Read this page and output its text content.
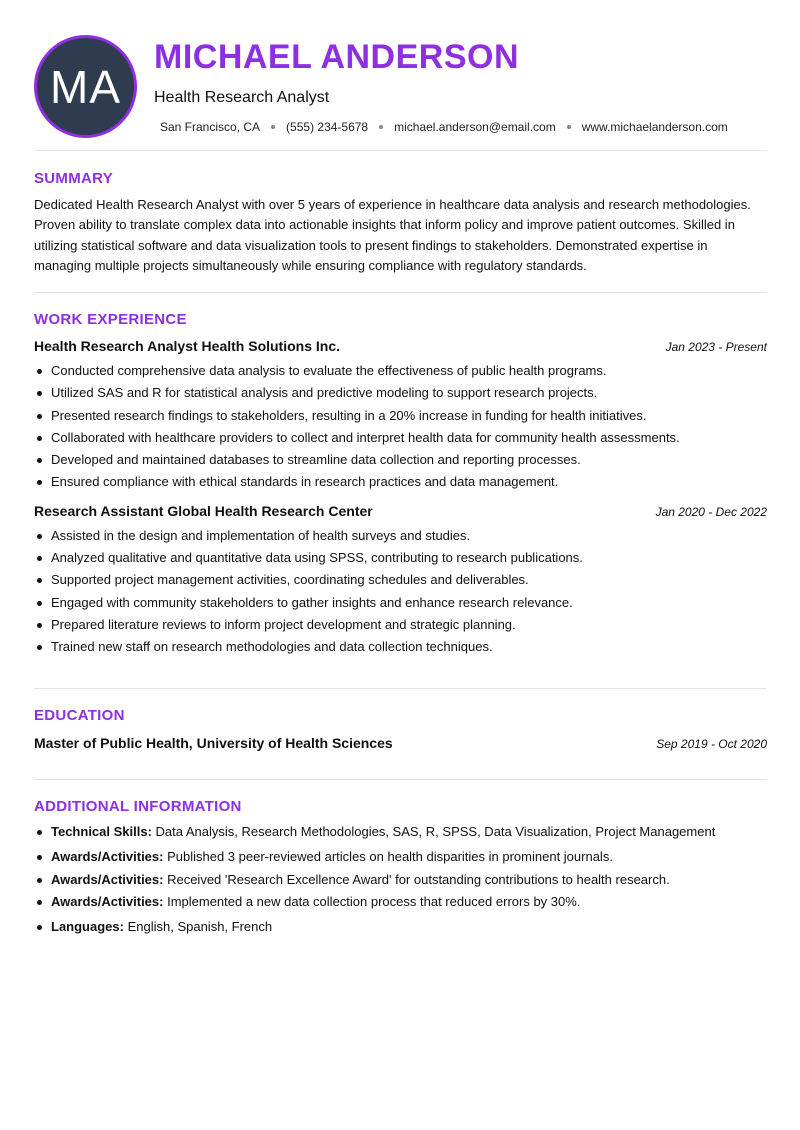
MA
MICHAEL ANDERSON
Health Research Analyst
San Francisco, CA (555) 234-5678 michael.anderson@email.com www.michaelanderson.com
SUMMARY

Dedicated Health Research Analyst with over 5 years of experience in healthcare data analysis and research methodologies. Proven ability to translate complex data into actionable insights that inform policy and improve patient outcomes. Skilled in utilizing statistical software and data visualization tools to present findings to stakeholders. Demonstrated expertise in managing multiple projects simultaneously while ensuring compliance with regulatory standards.

WORK EXPERIENCE
Health Research Analyst Health Solutions Inc.	Jan 2023 - Present
Conducted comprehensive data analysis to evaluate the effectiveness of public health programs.
Utilized SAS and R for statistical analysis and predictive modeling to support research projects.
Presented research findings to stakeholders, resulting in a 20% increase in funding for health initiatives.
Collaborated with healthcare providers to collect and interpret health data for community health assessments.
Developed and maintained databases to streamline data collection and reporting processes.
Ensured compliance with ethical standards in research practices and data management.
Research Assistant Global Health Research Center	Jan 2020 - Dec 2022
Assisted in the design and implementation of health surveys and studies.
Analyzed qualitative and quantitative data using SPSS, contributing to research publications.
Supported project management activities, coordinating schedules and deliverables.
Engaged with community stakeholders to gather insights and enhance research relevance.
Prepared literature reviews to inform project development and strategic planning.
Trained new staff on research methodologies and data collection techniques.
EDUCATION
Master of Public Health, University of Health Sciences	Sep 2019 - Oct 2020
ADDITIONAL INFORMATION
Technical Skills: Data Analysis, Research Methodologies, SAS, R, SPSS, Data Visualization, Project Management
Awards/Activities: Published 3 peer-reviewed articles on health disparities in prominent journals.
Awards/Activities: Received 'Research Excellence Award' for outstanding contributions to health research.
Awards/Activities: Implemented a new data collection process that reduced errors by 30%.
Languages: English, Spanish, French
